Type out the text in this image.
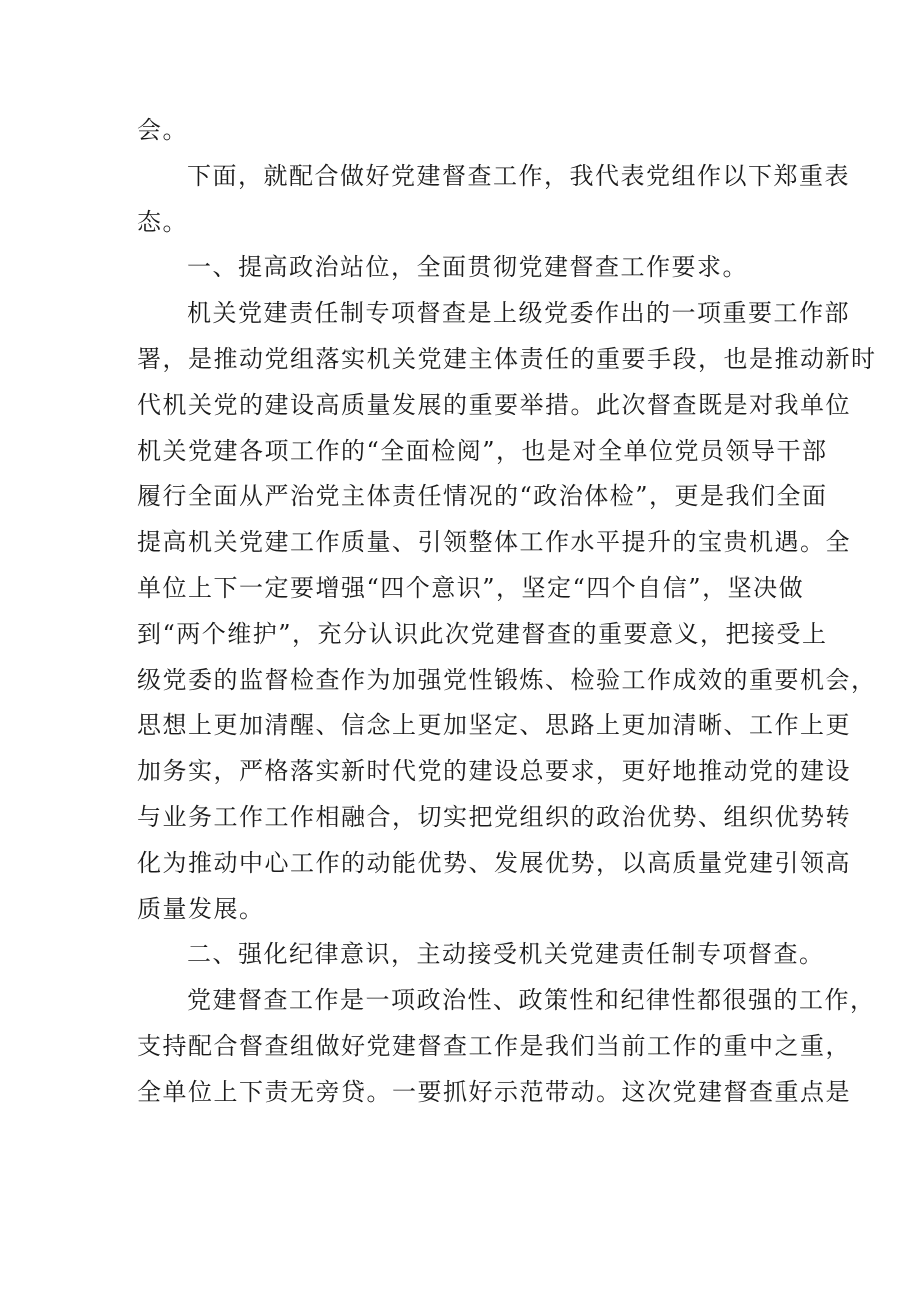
会。
下面，就配合做好党建督查工作，我代表党组作以下郑重表
态。
一、提高政治站位，全面贯彻党建督查工作要求。
机关党建责任制专项督查是上级党委作出的一项重要工作部
署，是推动党组落实机关党建主体责任的重要手段，也是推动新时
代机关党的建设高质量发展的重要举措。此次督查既是对我单位
机关党建各项工作的“全面检阅”，也是对全单位党员领导干部
履行全面从严治党主体责任情况的“政治体检”，更是我们全面
提高机关党建工作质量、引领整体工作水平提升的宝贵机遇。全
单位上下一定要增强“四个意识”，坚定“四个自信”，坚决做
到“两个维护”，充分认识此次党建督查的重要意义，把接受上
级党委的监督检查作为加强党性锻炼、检验工作成效的重要机会，
思想上更加清醒、信念上更加坚定、思路上更加清晰、工作上更
加务实，严格落实新时代党的建设总要求，更好地推动党的建设
与业务工作工作相融合，切实把党组织的政治优势、组织优势转
化为推动中心工作的动能优势、发展优势，以高质量党建引领高
质量发展。
二、强化纪律意识，主动接受机关党建责任制专项督查。
党建督查工作是一项政治性、政策性和纪律性都很强的工作，
支持配合督查组做好党建督查工作是我们当前工作的重中之重，
全单位上下责无旁贷。一要抓好示范带动。这次党建督查重点是
